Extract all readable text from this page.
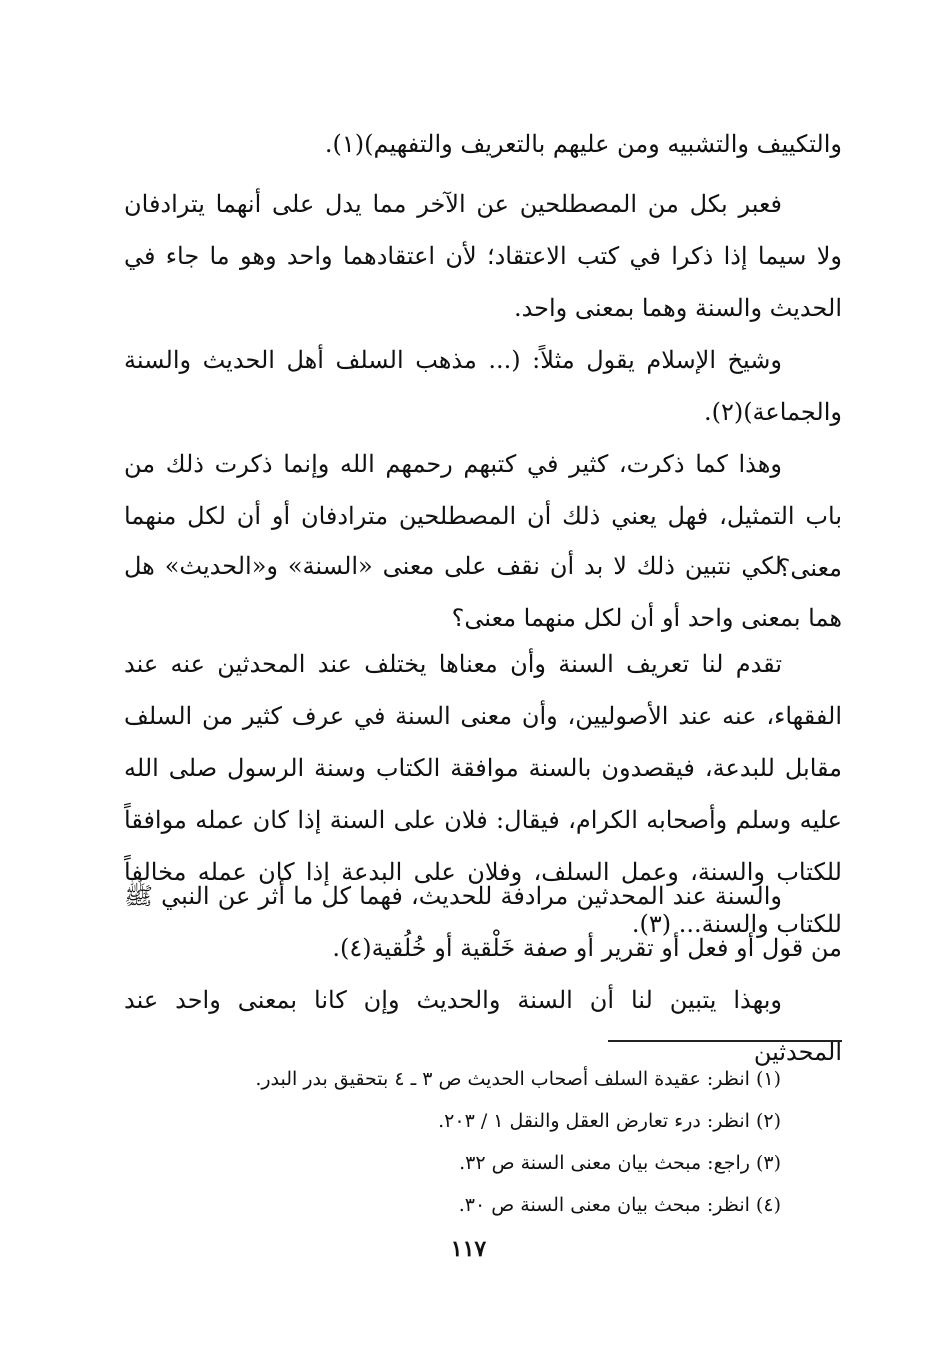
والتكييف والتشبيه ومن عليهم بالتعريف والتفهيم)(١).

فعبر بكل من المصطلحين عن الآخر مما يدل على أنهما يترادفان ولا سيما إذا ذكرا في كتب الاعتقاد؛ لأن اعتقادهما واحد وهو ما جاء في الحديث والسنة وهما بمعنى واحد.

وشيخ الإسلام يقول مثلاً: (... مذهب السلف أهل الحديث والسنة والجماعة)(٢).

وهذا كما ذكرت، كثير في كتبهم رحمهم الله وإنما ذكرت ذلك من باب التمثيل، فهل يعني ذلك أن المصطلحين مترادفان أو أن لكل منهما معنى؟

لكي نتبين ذلك لا بد أن نقف على معنى «السنة» و«الحديث» هل هما بمعنى واحد أو أن لكل منهما معنى؟

تقدم لنا تعريف السنة وأن معناها يختلف عند المحدثين عنه عند الفقهاء، عنه عند الأصوليين، وأن معنى السنة في عرف كثير من السلف مقابل للبدعة، فيقصدون بالسنة موافقة الكتاب وسنة الرسول صلى الله عليه وسلم وأصحابه الكرام، فيقال: فلان على السنة إذا كان عمله موافقاً للكتاب والسنة، وعمل السلف، وفلان على البدعة إذا كان عمله مخالفاً للكتاب والسنة... (٣).

والسنة عند المحدثين مرادفة للحديث، فهما كل ما أثر عن النبي ﷺ من قول أو فعل أو تقرير أو صفة خَلْقية أو خُلُقية(٤).

وبهذا يتبين لنا أن السنة والحديث وإن كانا بمعنى واحد عند المحدثين

(١) انظر: عقيدة السلف أصحاب الحديث ص ٣ ـ ٤ بتحقيق بدر البدر.
(٢) انظر: درء تعارض العقل والنقل ١ / ٢٠٣.
(٣) راجع: مبحث بيان معنى السنة ص ٣٢.
(٤) انظر: مبحث بيان معنى السنة ص ٣٠.
١١٧
